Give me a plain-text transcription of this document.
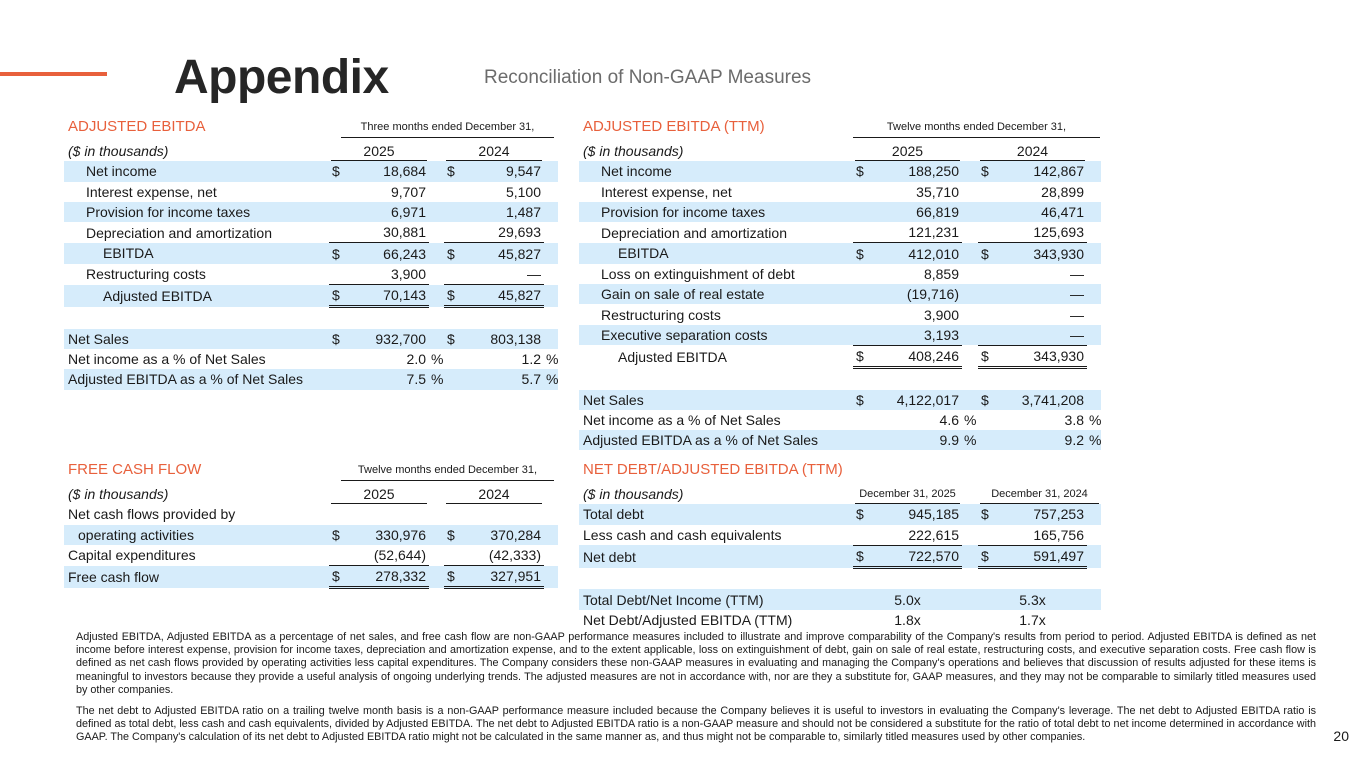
Appendix	Reconciliation of Non-GAAP Measures
ADJUSTED EBITDA	Three months ended December 31,
($ in thousands)	2025			2024		
Net income	$	18,684		$	9,547	
Interest expense, net		9,707			5,100	
Provision for income taxes		6,971			1,487	
Depreciation and amortization		30,881			29,693	
EBITDA	$	66,243		$	45,827	
Restructuring costs		3,900			—	
Adjusted EBITDA	$	70,143		$	45,827	

Net Sales	$	932,700		$	803,138	
Net income as a % of Net Sales		2.0	%		1.2	%
Adjusted EBITDA as a % of Net Sales		7.5	%		5.7	%
ADJUSTED EBITDA (TTM)	Twelve months ended December 31,
($ in thousands)	2025			2024		
Net income	$	188,250		$	142,867	
Interest expense, net		35,710			28,899	
Provision for income taxes		66,819			46,471	
Depreciation and amortization		121,231			125,693	
EBITDA	$	412,010		$	343,930	
Loss on extinguishment of debt		8,859			—	
Gain on sale of real estate		(19,716)			—	
Restructuring costs		3,900			—	
Executive separation costs		3,193			—	
Adjusted EBITDA	$	408,246		$	343,930	

Net Sales	$	4,122,017		$	3,741,208	
Net income as a % of Net Sales		4.6	%		3.8	%
Adjusted EBITDA as a % of Net Sales		9.9	%		9.2	%
FREE CASH FLOW	Twelve months ended December 31,
($ in thousands)	2025			2024		
Net cash flows provided by						
operating activities	$	330,976		$	370,284	
Capital expenditures		(52,644)			(42,333)	
Free cash flow	$	278,332		$	327,951	
NET DEBT/ADJUSTED EBITDA (TTM)
($ in thousands)	December 31, 2025			December 31, 2024		
Total debt	$	945,185		$	757,253	
Less cash and cash equivalents		222,615			165,756	
Net debt	$	722,570		$	591,497	

Total Debt/Net Income (TTM)	5.0x			5.3x		
Net Debt/Adjusted EBITDA (TTM)	1.8x			1.7x		
Adjusted EBITDA, Adjusted EBITDA as a percentage of net sales, and free cash flow are non-GAAP performance measures included to illustrate and improve comparability of the Company's results from period to period. Adjusted EBITDA is defined as net income before interest expense, provision for income taxes, depreciation and amortization expense, and to the extent applicable, loss on extinguishment of debt, gain on sale of real estate, restructuring costs, and executive separation costs. Free cash flow is defined as net cash flows provided by operating activities less capital expenditures. The Company considers these non-GAAP measures in evaluating and managing the Company's operations and believes that discussion of results adjusted for these items is meaningful to investors because they provide a useful analysis of ongoing underlying trends. The adjusted measures are not in accordance with, nor are they a substitute for, GAAP measures, and they may not be comparable to similarly titled measures used by other companies.
The net debt to Adjusted EBITDA ratio on a trailing twelve month basis is a non-GAAP performance measure included because the Company believes it is useful to investors in evaluating the Company's leverage. The net debt to Adjusted EBITDA ratio is defined as total debt, less cash and cash equivalents, divided by Adjusted EBITDA. The net debt to Adjusted EBITDA ratio is a non-GAAP measure and should not be considered a substitute for the ratio of total debt to net income determined in accordance with GAAP. The Company's calculation of its net debt to Adjusted EBITDA ratio might not be calculated in the same manner as, and thus might not be comparable to, similarly titled measures used by other companies.	20
